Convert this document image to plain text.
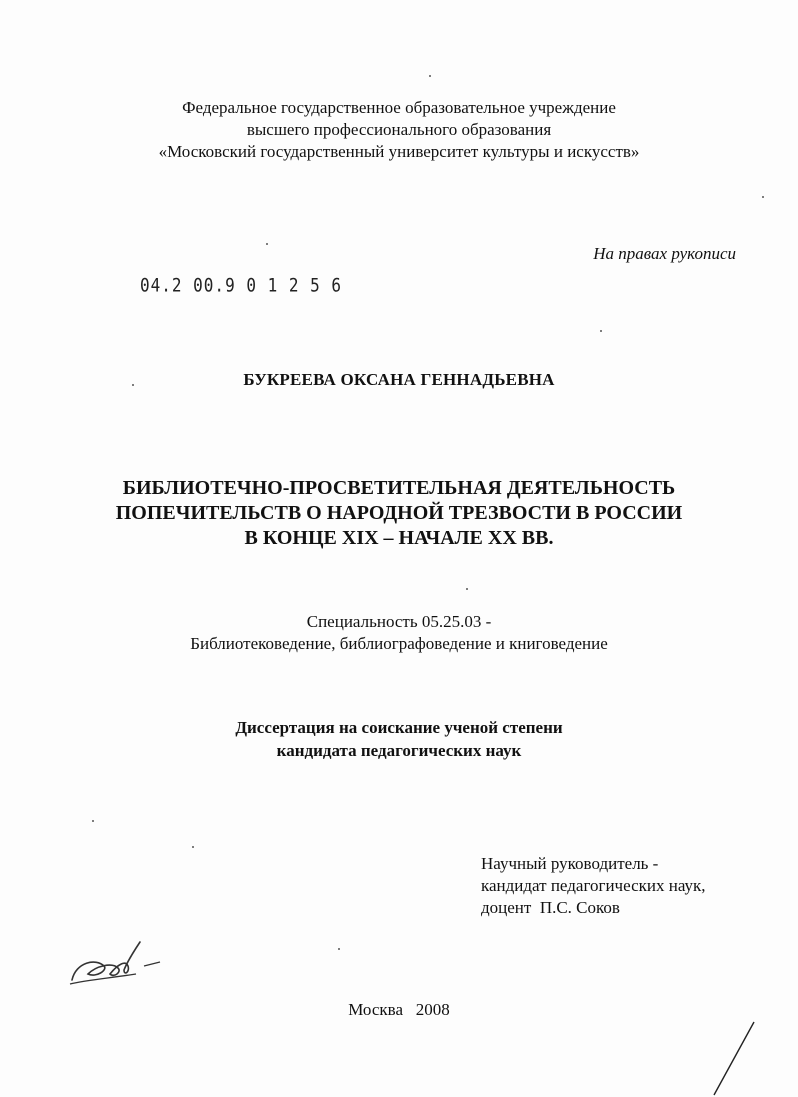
Федеральное государственное образовательное учреждение
высшего профессионального образования
«Московский государственный университет культуры и искусств»
На правах рукописи
04.2 00.9 0 1 2 5 6
БУКРЕЕВА ОКСАНА ГЕННАДЬЕВНА
БИБЛИОТЕЧНО-ПРОСВЕТИТЕЛЬНАЯ ДЕЯТЕЛЬНОСТЬ
ПОПЕЧИТЕЛЬСТВ О НАРОДНОЙ ТРЕЗВОСТИ В РОССИИ
В КОНЦЕ XIX – НАЧАЛЕ XX ВВ.
Специальность 05.25.03 -
Библиотековедение, библиографоведение и книговедение
Диссертация на соискание ученой степени
кандидата педагогических наук
Научный руководитель -
кандидат педагогических наук,
доцент  П.С. Соков
Москва   2008
